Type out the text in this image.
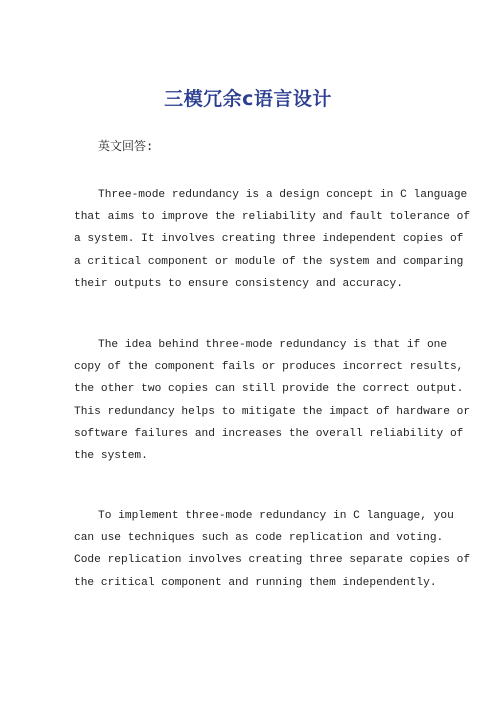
三模冗余c语言设计
英文回答:

Three-mode redundancy is a design concept in C language
that aims to improve the reliability and fault tolerance of
a system. It involves creating three independent copies of
a critical component or module of the system and comparing
their outputs to ensure consistency and accuracy.

The idea behind three-mode redundancy is that if one
copy of the component fails or produces incorrect results,
the other two copies can still provide the correct output.
This redundancy helps to mitigate the impact of hardware or
software failures and increases the overall reliability of
the system.

To implement three-mode redundancy in C language, you
can use techniques such as code replication and voting.
Code replication involves creating three separate copies of
the critical component and running them independently.
